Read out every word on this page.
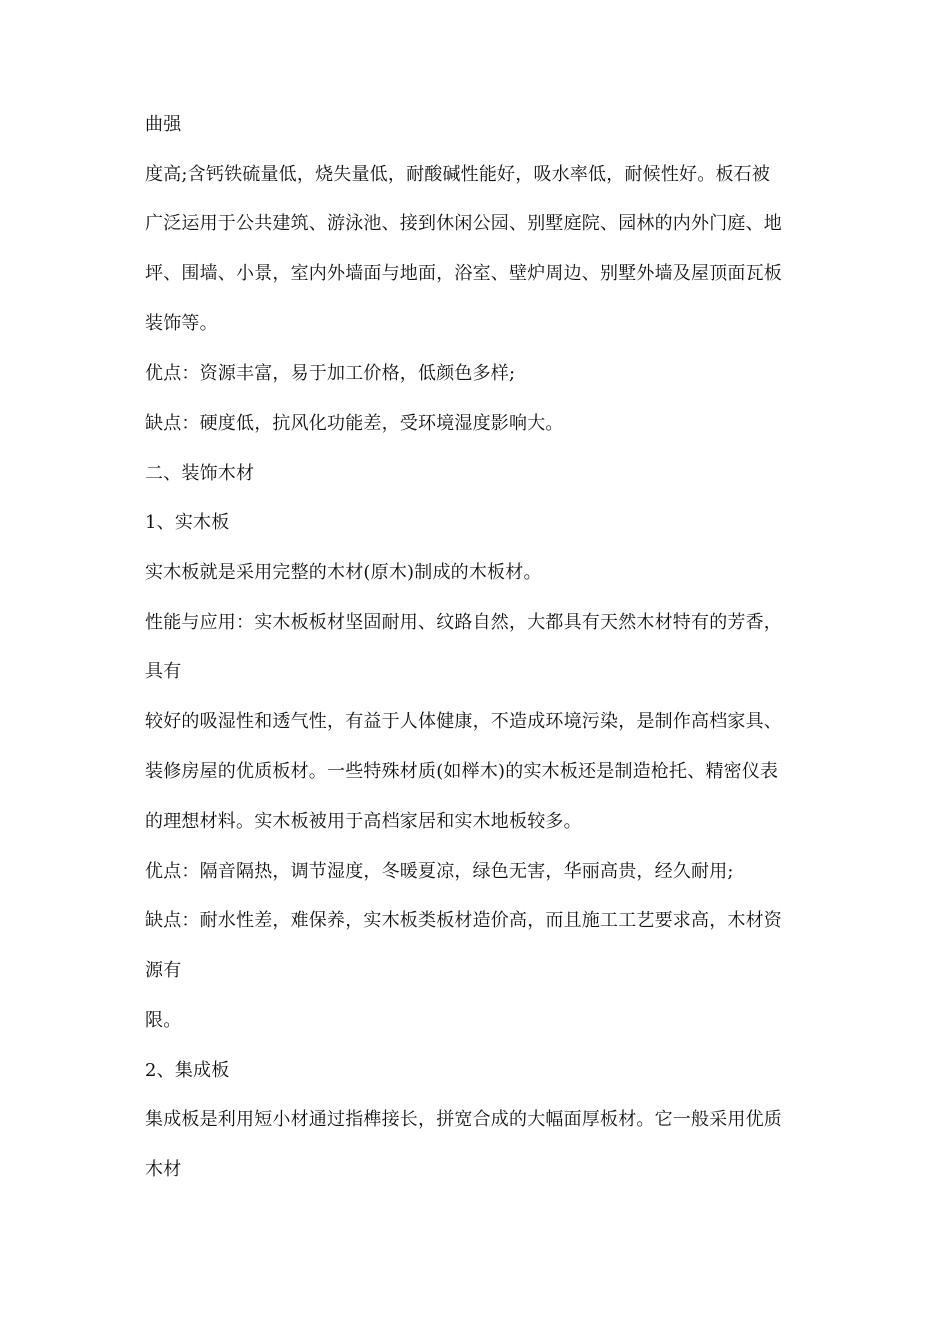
曲强

度高;含钙铁硫量低，烧失量低，耐酸碱性能好，吸水率低，耐候性好。板石被

广泛运用于公共建筑、游泳池、接到休闲公园、别墅庭院、园林的内外门庭、地

坪、围墙、小景，室内外墙面与地面，浴室、壁炉周边、别墅外墙及屋顶面瓦板

装饰等。

优点：资源丰富，易于加工价格，低颜色多样;

缺点：硬度低，抗风化功能差，受环境湿度影响大。

二、装饰木材

1、实木板

实木板就是采用完整的木材(原木)制成的木板材。

性能与应用：实木板板材坚固耐用、纹路自然，大都具有天然木材特有的芳香，

具有

较好的吸湿性和透气性，有益于人体健康，不造成环境污染，是制作高档家具、

装修房屋的优质板材。一些特殊材质(如榉木)的实木板还是制造枪托、精密仪表

的理想材料。实木板被用于高档家居和实木地板较多。

优点：隔音隔热，调节湿度，冬暖夏凉，绿色无害，华丽高贵，经久耐用;

缺点：耐水性差，难保养，实木板类板材造价高，而且施工工艺要求高，木材资

源有

限。

2、集成板

集成板是利用短小材通过指榫接长，拼宽合成的大幅面厚板材。它一般采用优质

木材
